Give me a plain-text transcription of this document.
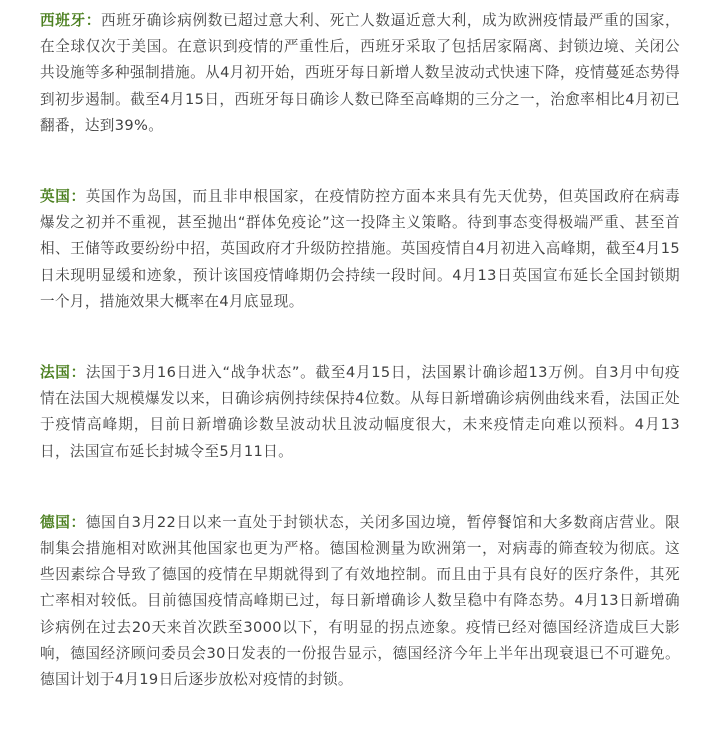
西班牙：西班牙确诊病例数已超过意大利、死亡人数逼近意大利，成为欧洲疫情最严重的国家，在全球仅次于美国。在意识到疫情的严重性后，西班牙采取了包括居家隔离、封锁边境、关闭公共设施等多种强制措施。从4月初开始，西班牙每日新增人数呈波动式快速下降，疫情蔓延态势得到初步遏制。截至4月15日，西班牙每日确诊人数已降至高峰期的三分之一，治愈率相比4月初已翻番，达到39%。

英国：英国作为岛国，而且非申根国家，在疫情防控方面本来具有先天优势，但英国政府在病毒爆发之初并不重视，甚至抛出“群体免疫论”这一投降主义策略。待到事态变得极端严重、甚至首相、王储等政要纷纷中招，英国政府才升级防控措施。英国疫情自4月初进入高峰期，截至4月15日未现明显缓和迹象，预计该国疫情峰期仍会持续一段时间。4月13日英国宣布延长全国封锁期一个月，措施效果大概率在4月底显现。

法国：法国于3月16日进入“战争状态”。截至4月15日，法国累计确诊超13万例。自3月中旬疫情在法国大规模爆发以来，日确诊病例持续保持4位数。从每日新增确诊病例曲线来看，法国正处于疫情高峰期，目前日新增确诊数呈波动状且波动幅度很大，未来疫情走向难以预料。4月13日，法国宣布延长封城令至5月11日。

德国：德国自3月22日以来一直处于封锁状态，关闭多国边境，暂停餐馆和大多数商店营业。限制集会措施相对欧洲其他国家也更为严格。德国检测量为欧洲第一，对病毒的筛查较为彻底。这些因素综合导致了德国的疫情在早期就得到了有效地控制。而且由于具有良好的医疗条件，其死亡率相对较低。目前德国疫情高峰期已过，每日新增确诊人数呈稳中有降态势。4月13日新增确诊病例在过去20天来首次跌至3000以下，有明显的拐点迹象。疫情已经对德国经济造成巨大影响，德国经济顾问委员会30日发表的一份报告显示，德国经济今年上半年出现衰退已不可避免。德国计划于4月19日后逐步放松对疫情的封锁。
